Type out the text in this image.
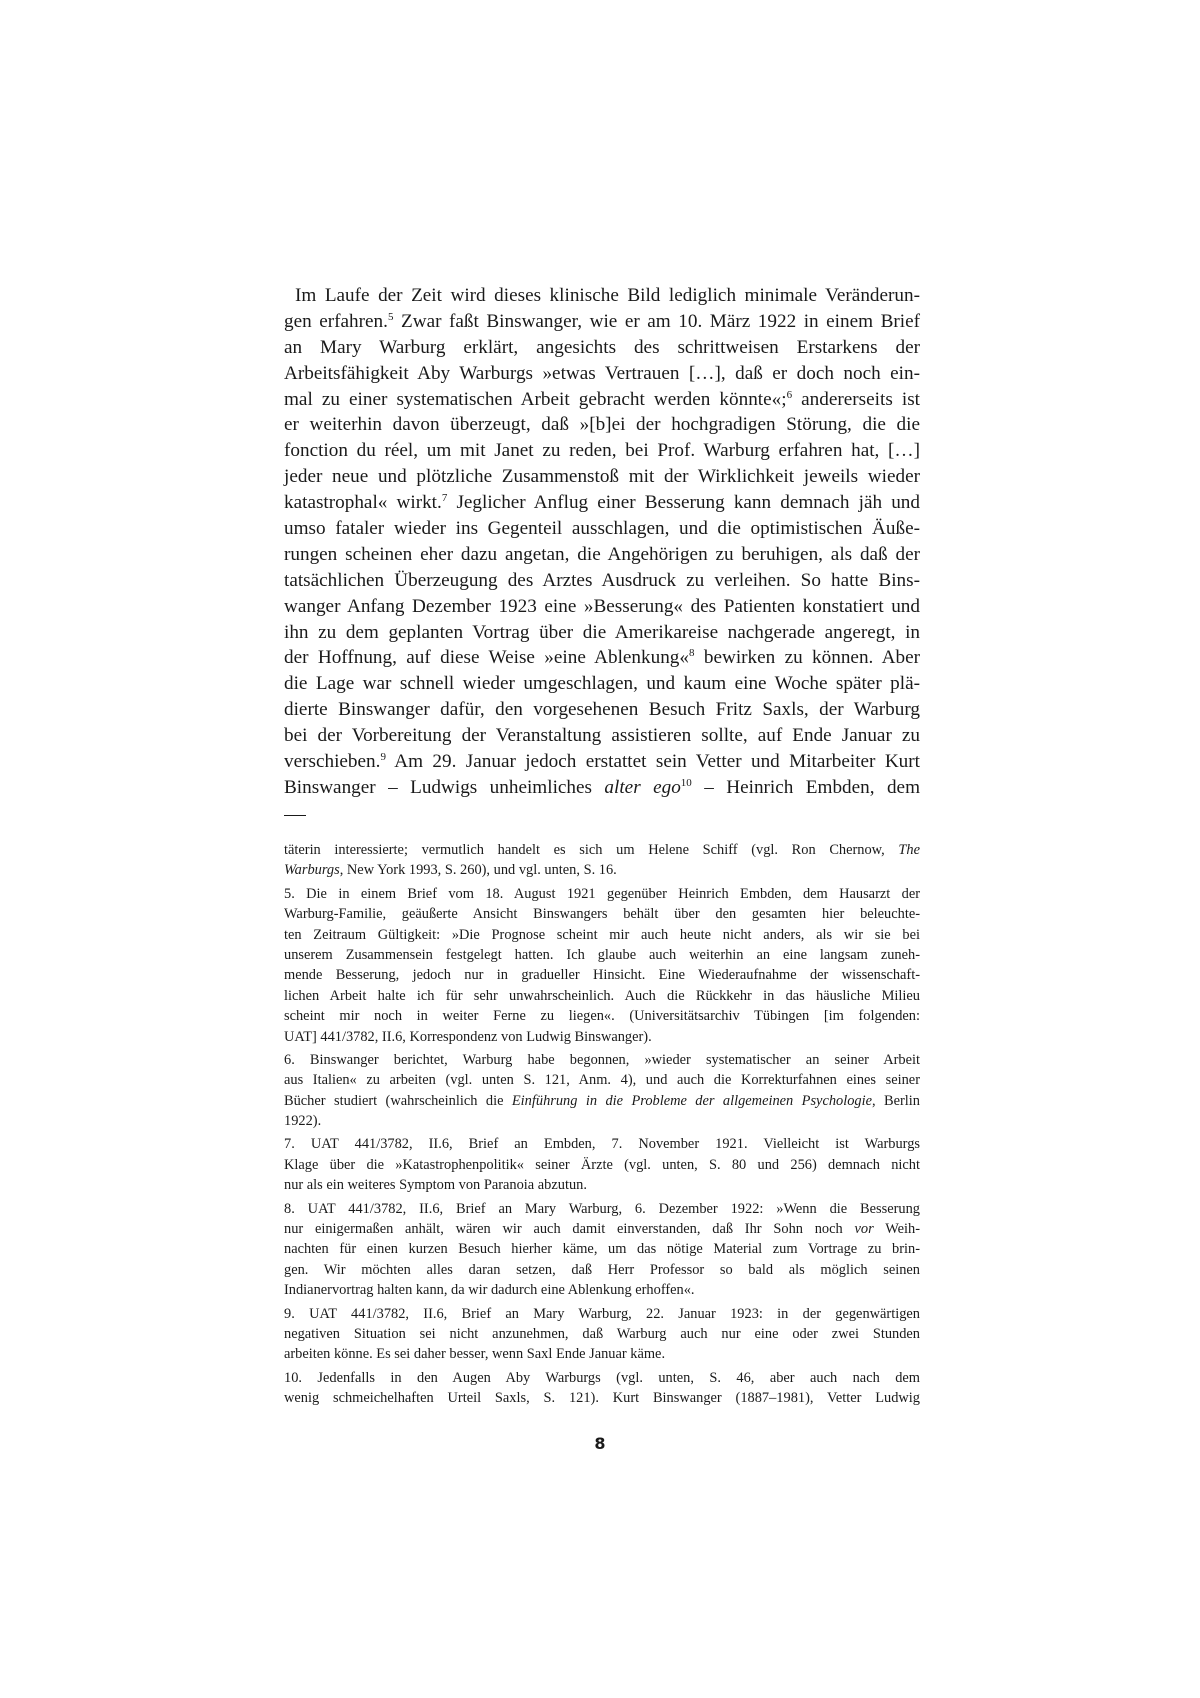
Im Laufe der Zeit wird dieses klinische Bild lediglich minimale Veränderun-
gen erfahren.$^5$ Zwar faßt Binswanger, wie er am 10. März 1922 in einem Brief
an Mary Warburg erklärt, angesichts des schrittweisen Erstarkens der
Arbeitsfähigkeit Aby Warburgs »etwas Vertrauen […], daß er doch noch ein-
mal zu einer systematischen Arbeit gebracht werden könnte«;$^6$ andererseits ist
er weiterhin davon überzeugt, daß »[b]ei der hochgradigen Störung, die die
fonction du réel, um mit Janet zu reden, bei Prof. Warburg erfahren hat, […]
jeder neue und plötzliche Zusammenstoß mit der Wirklichkeit jeweils wieder
katastrophal« wirkt.$^7$ Jeglicher Anflug einer Besserung kann demnach jäh und
umso fataler wieder ins Gegenteil ausschlagen, und die optimistischen Äuße-
rungen scheinen eher dazu angetan, die Angehörigen zu beruhigen, als daß der
tatsächlichen Überzeugung des Arztes Ausdruck zu verleihen. So hatte Bins-
wanger Anfang Dezember 1923 eine »Besserung« des Patienten konstatiert und
ihn zu dem geplanten Vortrag über die Amerikareise nachgerade angeregt, in
der Hoffnung, auf diese Weise »eine Ablenkung«$^8$ bewirken zu können. Aber
die Lage war schnell wieder umgeschlagen, und kaum eine Woche später plä-
dierte Binswanger dafür, den vorgesehenen Besuch Fritz Saxls, der Warburg
bei der Vorbereitung der Veranstaltung assistieren sollte, auf Ende Januar zu
verschieben.$^9$ Am 29. Januar jedoch erstattet sein Vetter und Mitarbeiter Kurt
Binswanger – Ludwigs unheimliches alter ego$^{10}$ – Heinrich Embden, dem
täterin interessierte; vermutlich handelt es sich um Helene Schiff (vgl. Ron Chernow, The
Warburgs, New York 1993, S. 260), und vgl. unten, S. 16.
5. Die in einem Brief vom 18. August 1921 gegenüber Heinrich Embden, dem Hausarzt der
Warburg-Familie, geäußerte Ansicht Binswangers behält über den gesamten hier beleuchte-
ten Zeitraum Gültigkeit: »Die Prognose scheint mir auch heute nicht anders, als wir sie bei
unserem Zusammensein festgelegt hatten. Ich glaube auch weiterhin an eine langsam zuneh-
mende Besserung, jedoch nur in gradueller Hinsicht. Eine Wiederaufnahme der wissenschaft-
lichen Arbeit halte ich für sehr unwahrscheinlich. Auch die Rückkehr in das häusliche Milieu
scheint mir noch in weiter Ferne zu liegen«. (Universitätsarchiv Tübingen [im folgenden:
UAT] 441/3782, II.6, Korrespondenz von Ludwig Binswanger).
6. Binswanger berichtet, Warburg habe begonnen, »wieder systematischer an seiner Arbeit
aus Italien« zu arbeiten (vgl. unten S. 121, Anm. 4), und auch die Korrekturfahnen eines seiner
Bücher studiert (wahrscheinlich die Einführung in die Probleme der allgemeinen Psychologie, Berlin
1922).
7. UAT 441/3782, II.6, Brief an Embden, 7. November 1921. Vielleicht ist Warburgs
Klage über die »Katastrophenpolitik« seiner Ärzte (vgl. unten, S. 80 und 256) demnach nicht
nur als ein weiteres Symptom von Paranoia abzutun.
8. UAT 441/3782, II.6, Brief an Mary Warburg, 6. Dezember 1922: »Wenn die Besserung
nur einigermaßen anhält, wären wir auch damit einverstanden, daß Ihr Sohn noch vor Weih-
nachten für einen kurzen Besuch hierher käme, um das nötige Material zum Vortrage zu brin-
gen. Wir möchten alles daran setzen, daß Herr Professor so bald als möglich seinen
Indianervortrag halten kann, da wir dadurch eine Ablenkung erhoffen«.
9. UAT 441/3782, II.6, Brief an Mary Warburg, 22. Januar 1923: in der gegenwärtigen
negativen Situation sei nicht anzunehmen, daß Warburg auch nur eine oder zwei Stunden
arbeiten könne. Es sei daher besser, wenn Saxl Ende Januar käme.
10. Jedenfalls in den Augen Aby Warburgs (vgl. unten, S. 46, aber auch nach dem
wenig schmeichelhaften Urteil Saxls, S. 121). Kurt Binswanger (1887–1981), Vetter Ludwig
8
